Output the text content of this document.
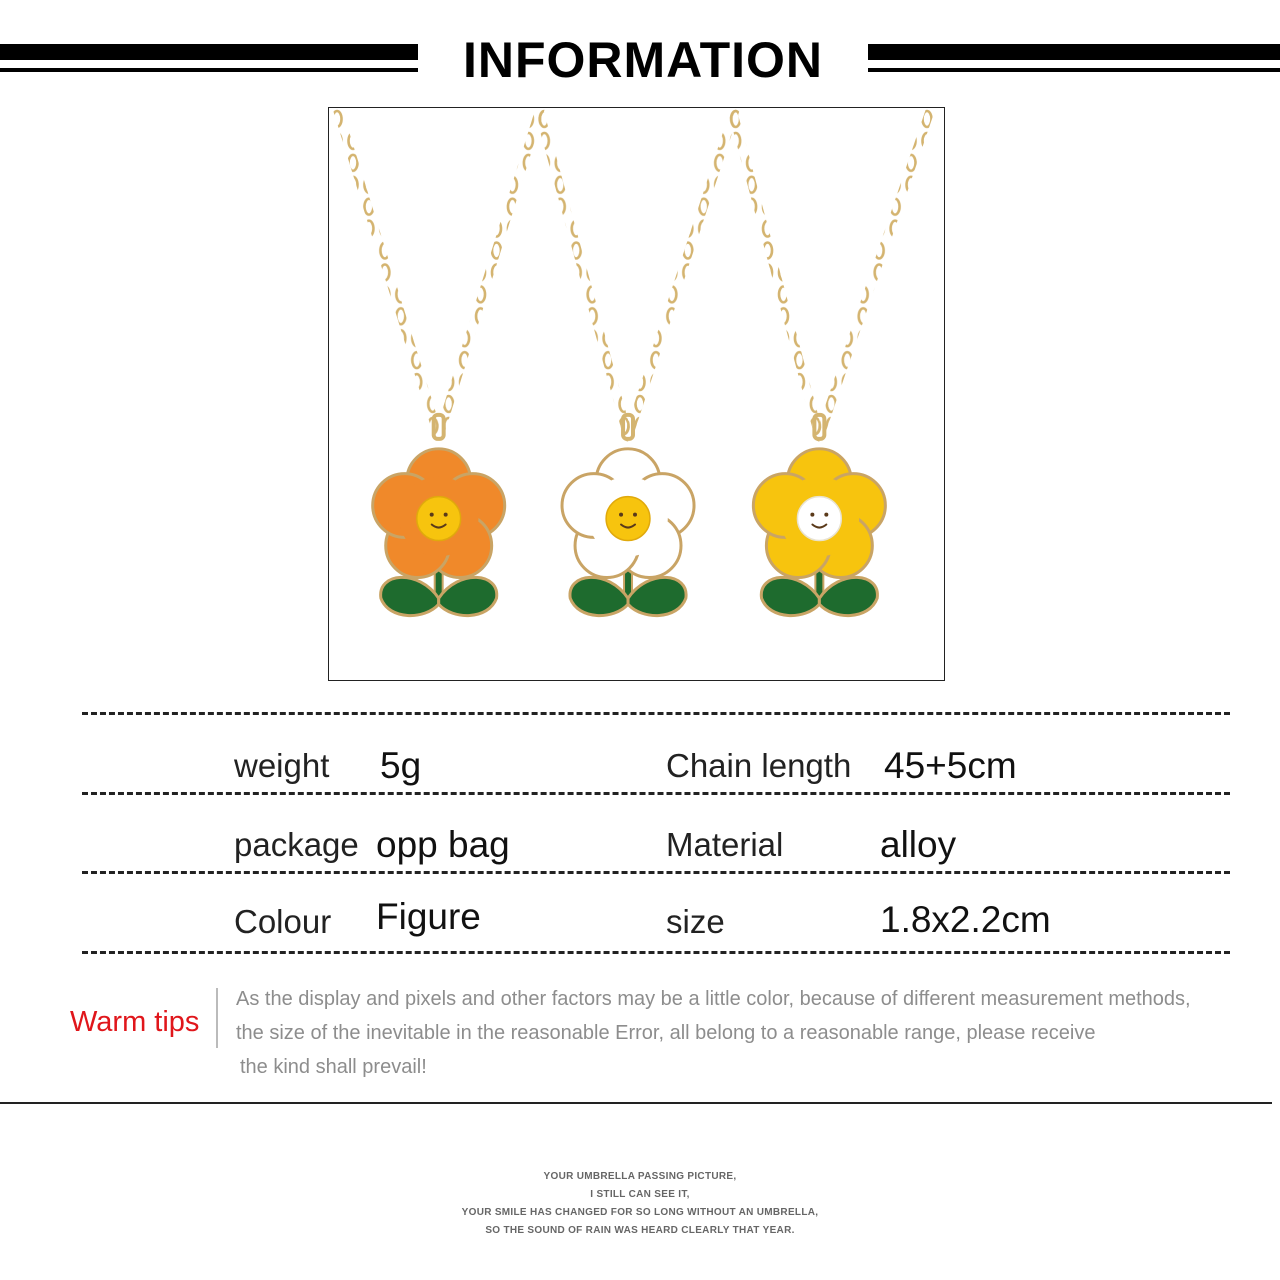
INFORMATION
weight 5g	Chain length 45+5cm
package opp bag	Material	alloy
Colour Figure	size	1.8x2.2cm
Warm tips
As the display and pixels and other factors may be a little color, because of different measurement methods,
the size of the inevitable in the reasonable Error, all belong to a reasonable range, please receive
the kind shall prevail!
YOUR UMBRELLA PASSING PICTURE,
I STILL CAN SEE IT,
YOUR SMILE HAS CHANGED FOR SO LONG WITHOUT AN UMBRELLA,
SO THE SOUND OF RAIN WAS HEARD CLEARLY THAT YEAR.
